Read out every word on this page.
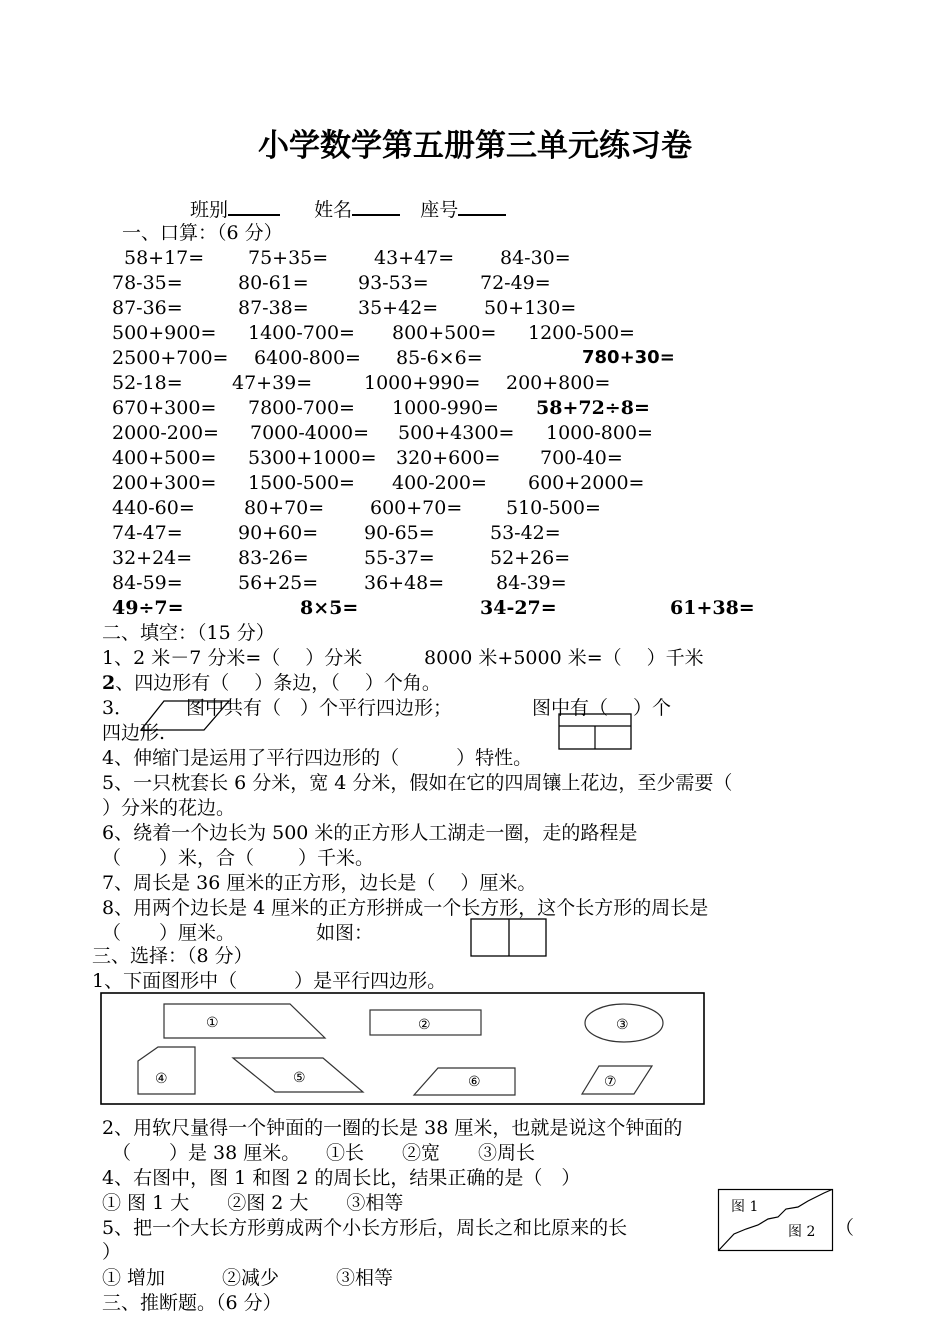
小学数学第五册第三单元练习卷
班别	姓名	座号
一、口算：（6 分）
58+17= 75+35= 43+47= 84-30=
78-35=	80-61=	93-53=	72-49=
87-36=	87-38=	35+42= 50+130=
500+900= 1400-700= 800+500= 1200-500=
2500+700= 6400-800= 85-6×6=	780+30=
52-18=	47+39=	1000+990= 200+800=
670+300= 7800-700= 1000-990= 58+72÷8=
2000-200= 7000-4000= 500+4300= 1000-800=
400+500= 5300+1000= 320+600= 700-40=
200+300= 1500-500= 400-200= 600+2000=
440-60=	80+70= 600+70= 510-500=
74-47=	90+60= 90-65=	53-42=
32+24= 83-26=	55-37=	52+26=
84-59=	56+25= 36+48=	84-39=
49÷7=	8×5=	34-27=	61+38=
二、填空：（15 分）
1、2 米－7 分米=（　 ）分米	8000 米+5000 米=（　 ）千米
2、四边形有（　 ）条边，（　 ）个角。
3．	图中共有（　）个平行四边形；	图中有（　 ）个
四边形.
4、伸缩门是运用了平行四边形的（　　　）特性。
5、一只枕套长 6 分米，宽 4 分米，假如在它的四周镶上花边，至少需要（
）分米的花边。
6、绕着一个边长为 500 米的正方形人工湖走一圈，走的路程是
（　　）米，合（　　 ）千米。
7、周长是 36 厘米的正方形，边长是（　 ）厘米。
8、用两个边长是 4 厘米的正方形拼成一个长方形，这个长方形的周长是
（　　）厘米。	如图：
三、选择：（8 分）
1、下面图形中（　　　）是平行四边形。
①	②	③
④	⑤	⑥	⑦
2、用软尺量得一个钟面的一圈的长是 38 厘米，也就是说这个钟面的
（　　）是 38 厘米。 ①长　　②宽　　③周长
4、右图中，图 1 和图 2 的周长比，结果正确的是（　）
① 图 1 大　　②图 2 大　　③相等
5、把一个大长方形剪成两个小长方形后，周长之和比原来的长	（
）
图 1
图 2
① 增加　　　②减少　　　③相等
三、推断题。（6 分）
